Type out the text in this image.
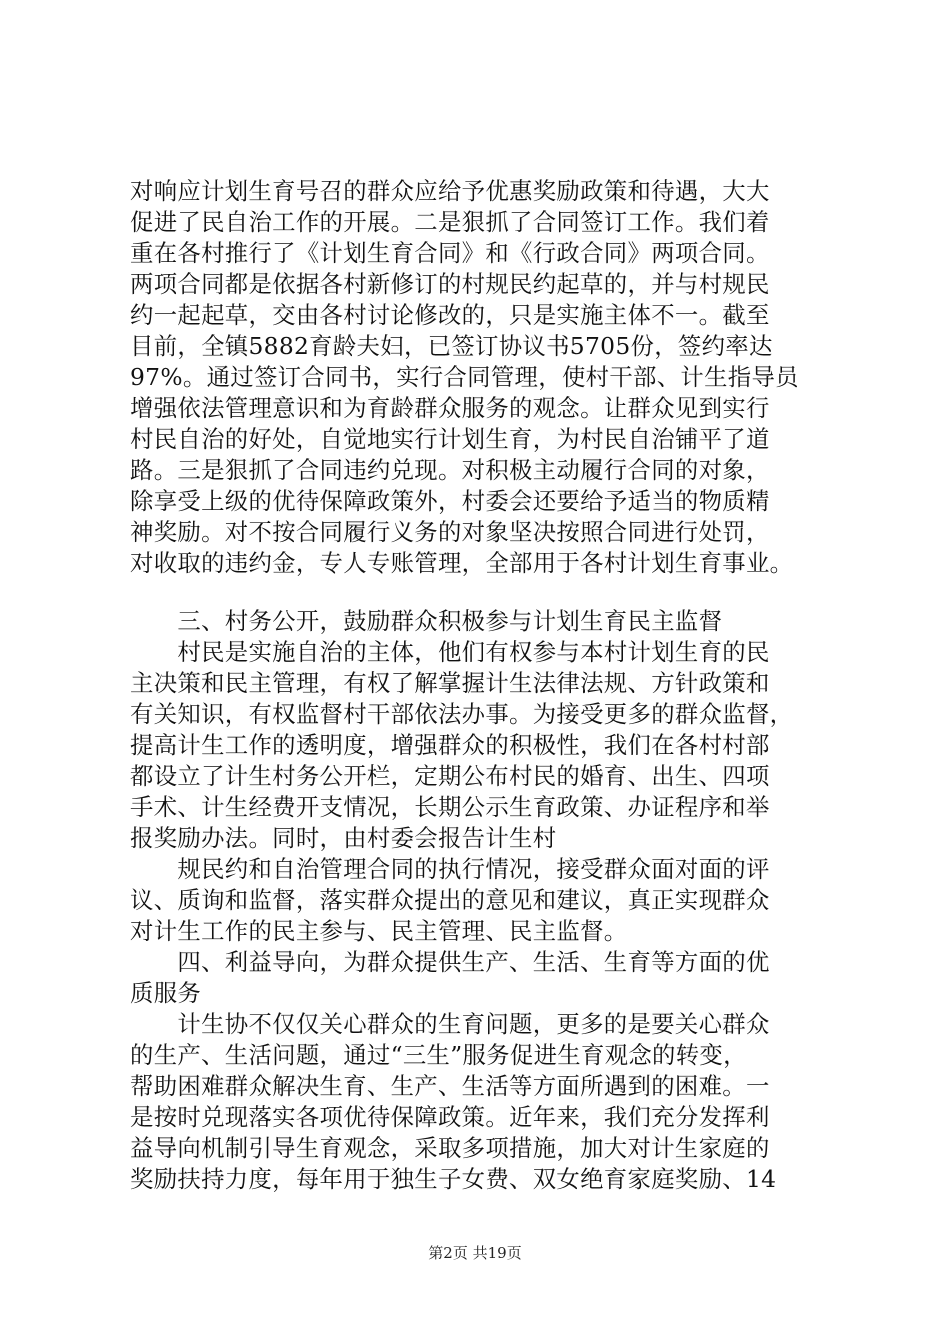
对响应计划生育号召的群众应给予优惠奖励政策和待遇，大大
促进了民自治工作的开展。二是狠抓了合同签订工作。我们着
重在各村推行了《计划生育合同》和《行政合同》两项合同。
两项合同都是依据各村新修订的村规民约起草的，并与村规民
约一起起草，交由各村讨论修改的，只是实施主体不一。截至
目前，全镇5882育龄夫妇，已签订协议书5705份，签约率达
97%。通过签订合同书，实行合同管理，使村干部、计生指导员
增强依法管理意识和为育龄群众服务的观念。让群众见到实行
村民自治的好处，自觉地实行计划生育，为村民自治铺平了道
路。三是狠抓了合同违约兑现。对积极主动履行合同的对象，
除享受上级的优待保障政策外，村委会还要给予适当的物质精
神奖励。对不按合同履行义务的对象坚决按照合同进行处罚，
对收取的违约金，专人专账管理，全部用于各村计划生育事业。
　　三、村务公开，鼓励群众积极参与计划生育民主监督
　　村民是实施自治的主体，他们有权参与本村计划生育的民
主决策和民主管理，有权了解掌握计生法律法规、方针政策和
有关知识，有权监督村干部依法办事。为接受更多的群众监督，
提高计生工作的透明度，增强群众的积极性，我们在各村村部
都设立了计生村务公开栏，定期公布村民的婚育、出生、四项
手术、计生经费开支情况，长期公示生育政策、办证程序和举
报奖励办法。同时，由村委会报告计生村
　　规民约和自治管理合同的执行情况，接受群众面对面的评
议、质询和监督，落实群众提出的意见和建议，真正实现群众
对计生工作的民主参与、民主管理、民主监督。
　　四、利益导向，为群众提供生产、生活、生育等方面的优
质服务
　　计生协不仅仅关心群众的生育问题，更多的是要关心群众
的生产、生活问题，通过“三生”服务促进生育观念的转变，
帮助困难群众解决生育、生产、生活等方面所遇到的困难。一
是按时兑现落实各项优待保障政策。近年来，我们充分发挥利
益导向机制引导生育观念，采取多项措施，加大对计生家庭的
奖励扶持力度，每年用于独生子女费、双女绝育家庭奖励、14
第2页 共19页
